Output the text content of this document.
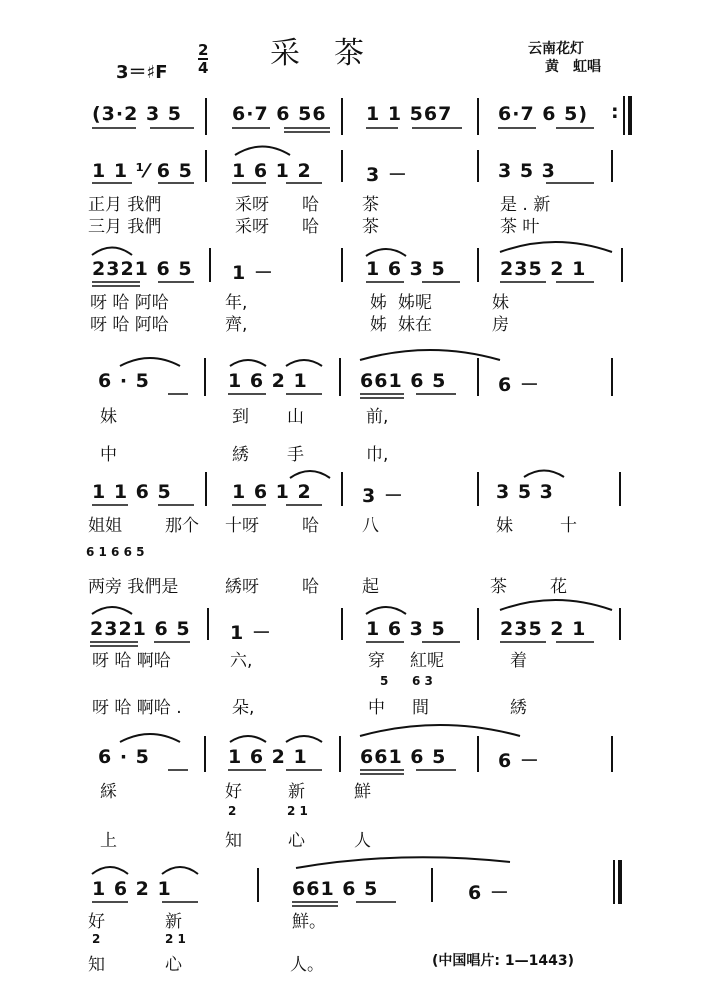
采茶
3＝♯F
2
4
云南花灯
黄　虹唱
(3·2 3 5	6·7 6 56 1 1 567 6·7 6 5) :
1 1 ¹⁄ 6 5 1 6 1 2	3 －	3 5 3
正月 我們	采呀 哈	茶	是 . 新
三月 我們	采呀 哈	茶	茶 叶
2321 6 5 1 －	1 6 3 5	235 2 1
呀 哈 阿哈	年,	姊 姊呢	妹
呀 哈 阿哈	齊,	姊 妹在	房
6 · 5	1 6 2 1	661 6 5	6 －
妹	到 山	前,
中	綉 手	巾,
1 1 6 5	1 6 1 2	3 －	3 5 3
姐姐	那个 十呀	哈	八	妹	十
6 1 6 6 5
两旁 我們是	綉呀	哈	起	茶	花
2321 6 5 1 －	1 6 3 5	235 2 1
呀 哈 啊哈	六,	穿 紅呢	着
5 6 3
呀 哈 啊哈 .	朵,	中 間	綉
6 · 5	1 6 2 1	661 6 5	6 －
綵	好	新	鮮
2	2 1
上	知	心	人
1 6 2 1	661 6 5	6 －
好	新	鮮。
2	2 1
知	心	人。	(中国唱片: 1—1443)
